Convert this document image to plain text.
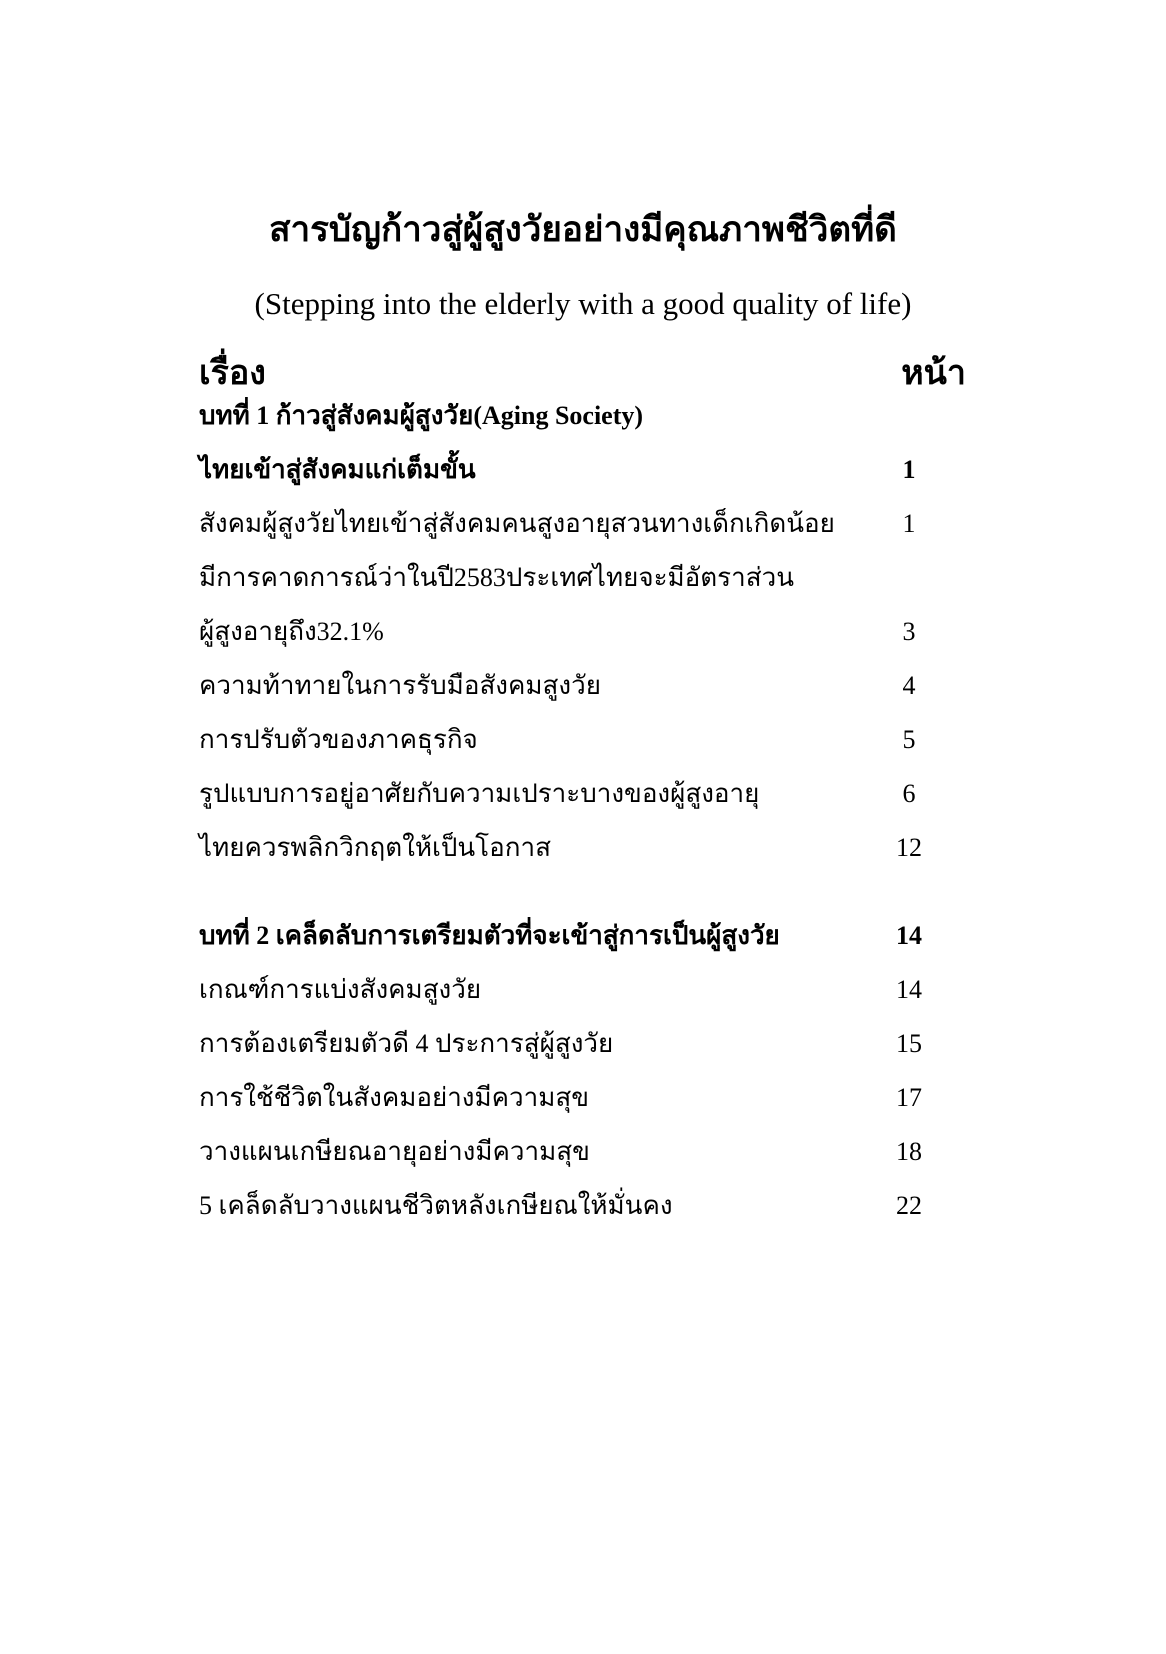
สารบัญก้าวสู่ผู้สูงวัยอย่างมีคุณภาพชีวิตที่ดี
(Stepping into the elderly with a good quality of life)
เรื่อง	หน้า
บทที่ 1 ก้าวสู่สังคมผู้สูงวัย(Aging Society)
ไทยเข้าสู่สังคมแก่เต็มขั้น	1
สังคมผู้สูงวัยไทยเข้าสู่สังคมคนสูงอายุสวนทางเด็กเกิดน้อย	1
มีการคาดการณ์ว่าในปี2583ประเทศไทยจะมีอัตราส่วน
ผู้สูงอายุถึง32.1%	3
ความท้าทายในการรับมือสังคมสูงวัย	4
การปรับตัวของภาคธุรกิจ	5
รูปแบบการอยู่อาศัยกับความเปราะบางของผู้สูงอายุ	6
ไทยควรพลิกวิกฤตให้เป็นโอกาส	12
บทที่ 2 เคล็ดลับการเตรียมตัวที่จะเข้าสู่การเป็นผู้สูงวัย	14
เกณฑ์การแบ่งสังคมสูงวัย	14
การต้องเตรียมตัวดี 4 ประการสู่ผู้สูงวัย	15
การใช้ชีวิตในสังคมอย่างมีความสุข	17
วางแผนเกษียณอายุอย่างมีความสุข	18
5 เคล็ดลับวางแผนชีวิตหลังเกษียณให้มั่นคง	22
